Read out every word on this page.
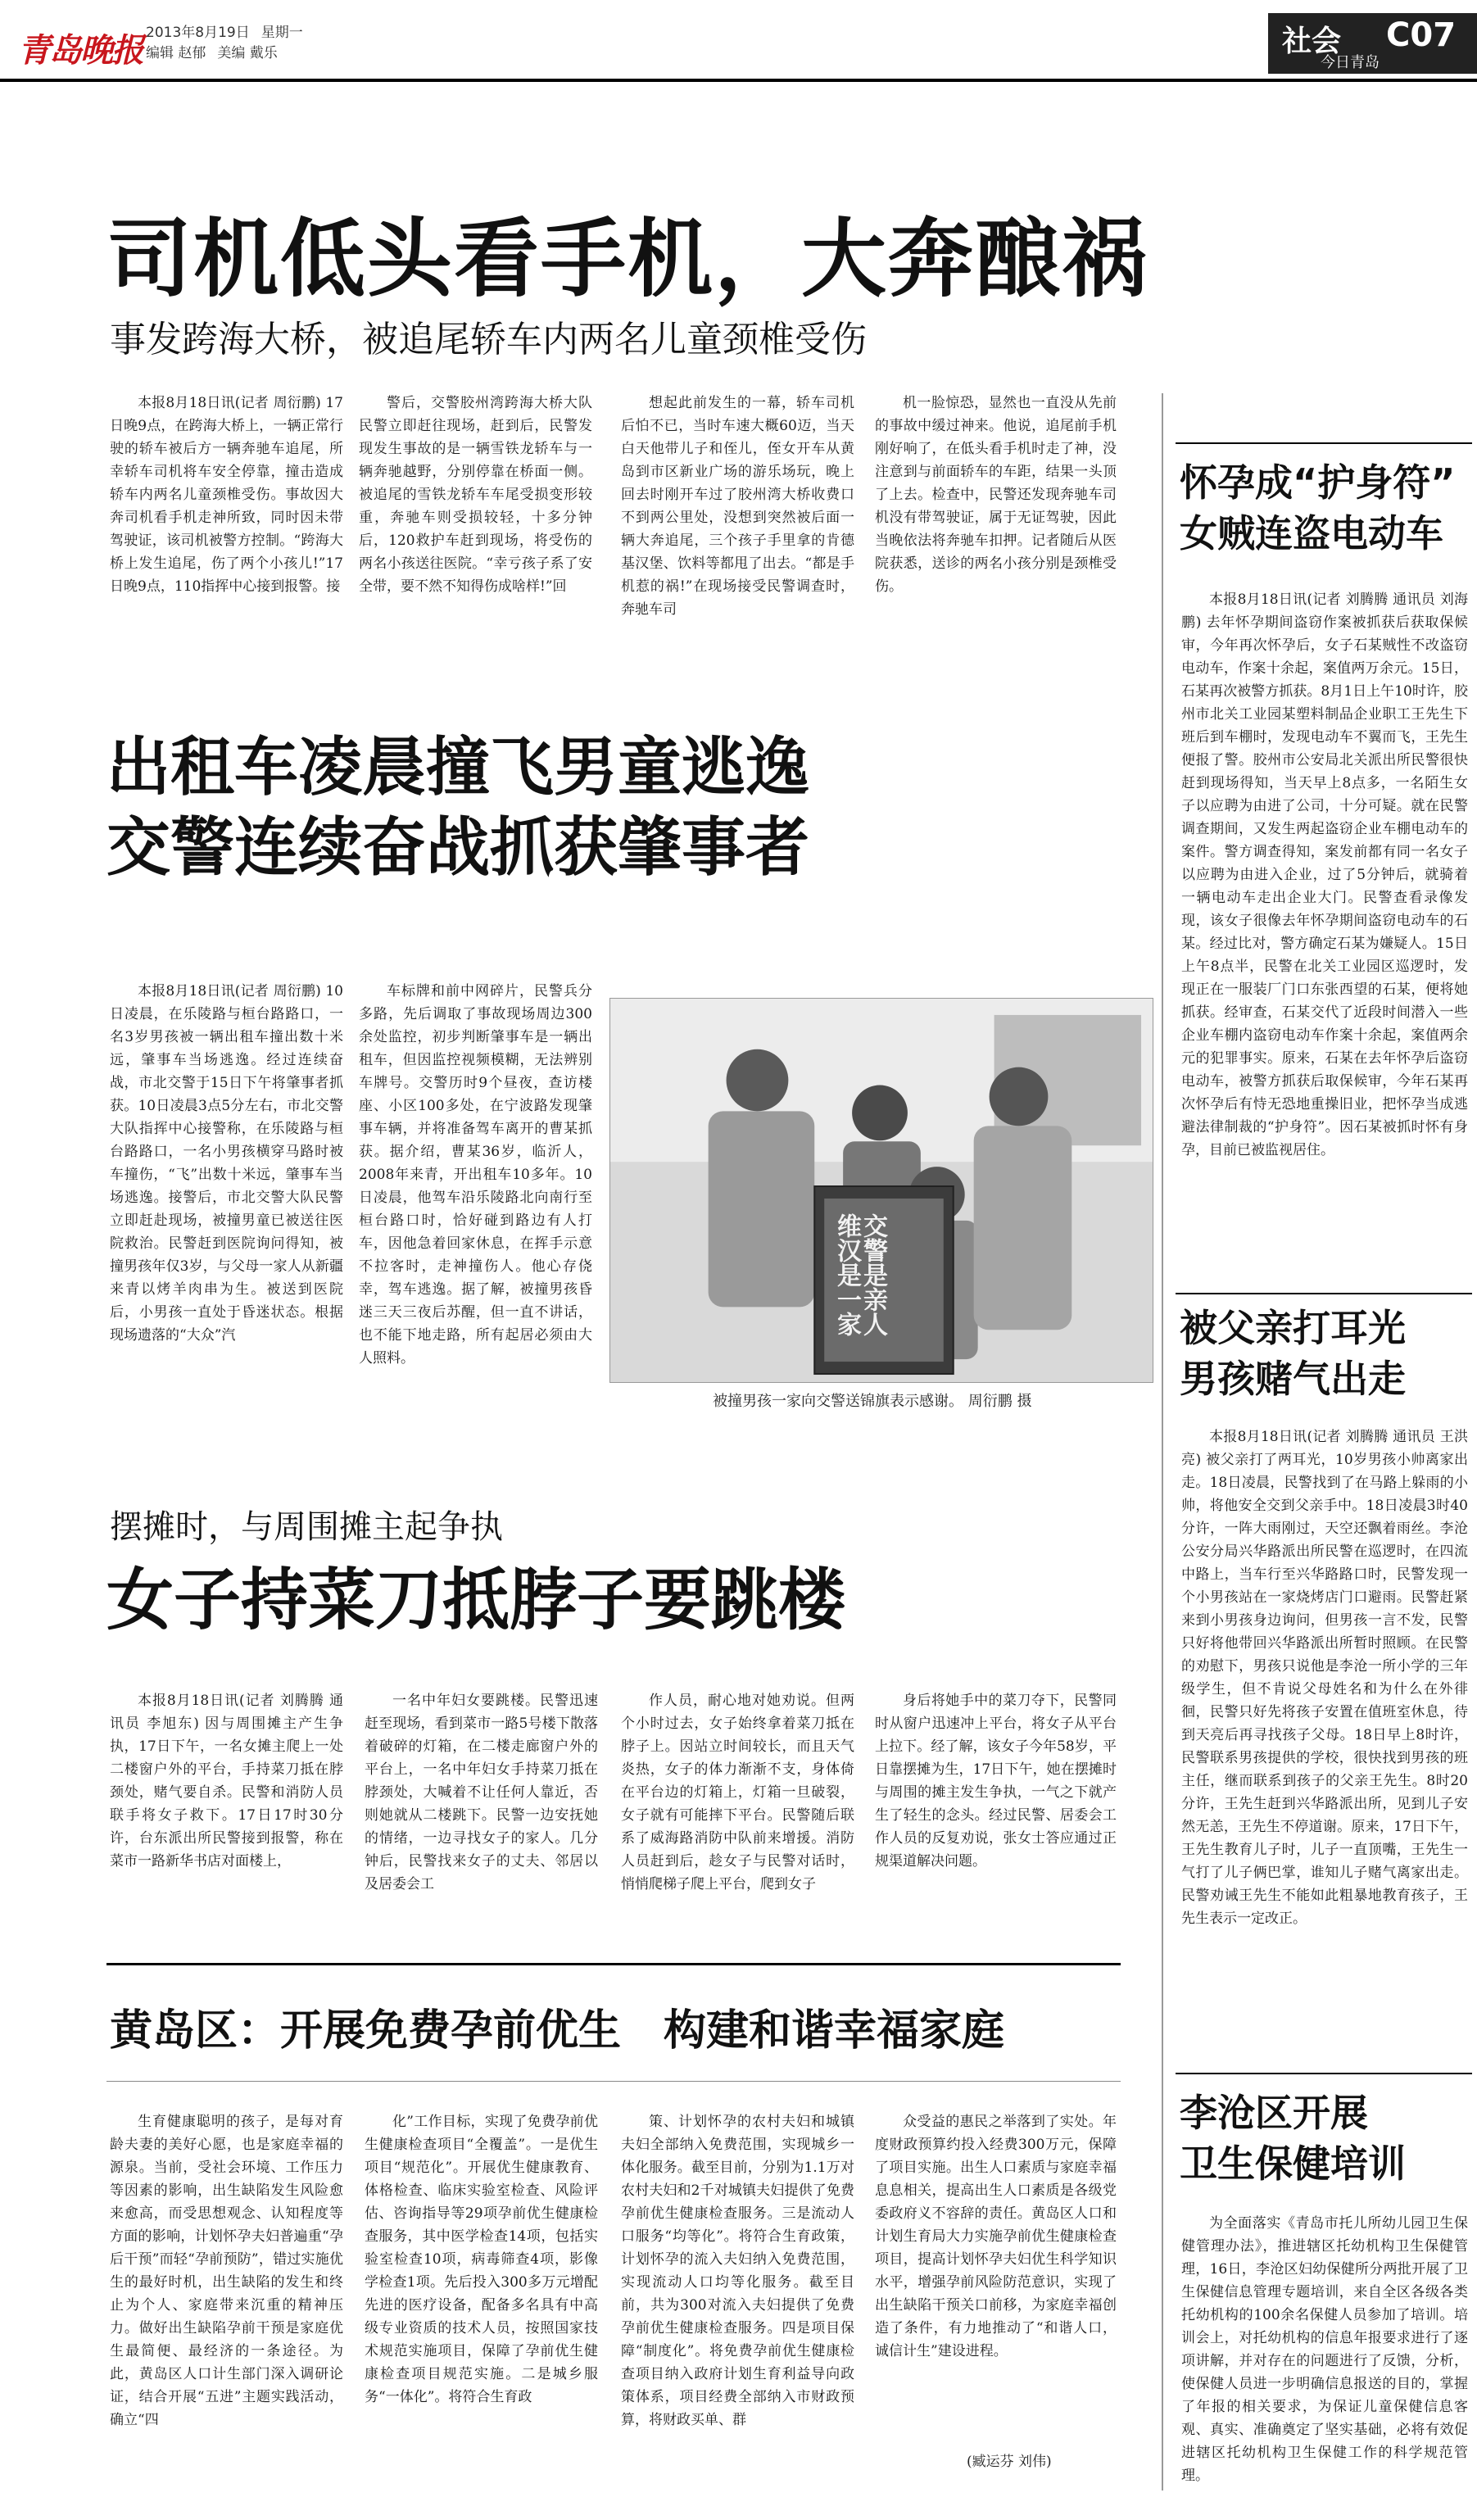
青岛晚报 2013年8月19日 星期一
编辑 赵郁 美编 戴乐	社会 C07
今日青岛
司机低头看手机，大奔酿祸
事发跨海大桥，被追尾轿车内两名儿童颈椎受伤

本报8月18日讯(记者 周衍鹏) 17日晚9点，在跨海大桥上，一辆正常行驶的轿车被后方一辆奔驰车追尾，所幸轿车司机将车安全停靠，撞击造成轿车内两名儿童颈椎受伤。事故因大奔司机看手机走神所致，同时因未带驾驶证，该司机被警方控制。“跨海大桥上发生追尾，伤了两个小孩儿!”17日晚9点，110指挥中心接到报警。接

警后，交警胶州湾跨海大桥大队民警立即赶往现场，赶到后，民警发现发生事故的是一辆雪铁龙轿车与一辆奔驰越野，分别停靠在桥面一侧。被追尾的雪铁龙轿车车尾受损变形较重，奔驰车则受损较轻，十多分钟后，120救护车赶到现场，将受伤的两名小孩送往医院。“幸亏孩子系了安全带，要不然不知得伤成啥样!”回

想起此前发生的一幕，轿车司机后怕不已，当时车速大概60迈，当天白天他带儿子和侄儿，侄女开车从黄岛到市区新业广场的游乐场玩，晚上回去时刚开车过了胶州湾大桥收费口不到两公里处，没想到突然被后面一辆大奔追尾，三个孩子手里拿的肯德基汉堡、饮料等都甩了出去。“都是手机惹的祸!”在现场接受民警调查时，奔驰车司

机一脸惊恐，显然也一直没从先前的事故中缓过神来。他说，追尾前手机刚好响了，在低头看手机时走了神，没注意到与前面轿车的车距，结果一头顶了上去。检查中，民警还发现奔驰车司机没有带驾驶证，属于无证驾驶，因此当晚依法将奔驰车扣押。记者随后从医院获悉，送诊的两名小孩分别是颈椎受伤。

出租车凌晨撞飞男童逃逸
交警连续奋战抓获肇事者

本报8月18日讯(记者 周衍鹏) 10日凌晨，在乐陵路与桓台路路口，一名3岁男孩被一辆出租车撞出数十米远，肇事车当场逃逸。经过连续奋战，市北交警于15日下午将肇事者抓获。10日凌晨3点5分左右，市北交警大队指挥中心接警称，在乐陵路与桓台路路口，一名小男孩横穿马路时被车撞伤，“飞”出数十米远，肇事车当场逃逸。接警后，市北交警大队民警立即赶赴现场，被撞男童已被送往医院救治。民警赶到医院询问得知，被撞男孩年仅3岁，与父母一家人从新疆来青以烤羊肉串为生。被送到医院后，小男孩一直处于昏迷状态。根据现场遗落的“大众”汽

车标牌和前中网碎片，民警兵分多路，先后调取了事故现场周边300余处监控，初步判断肇事车是一辆出租车，但因监控视频模糊，无法辨别车牌号。交警历时9个昼夜，查访楼座、小区100多处，在宁波路发现肇事车辆，并将准备驾车离开的曹某抓获。据介绍，曹某36岁，临沂人，2008年来青，开出租车10多年。10日凌晨，他驾车沿乐陵路北向南行至桓台路口时，恰好碰到路边有人打车，因他急着回家休息，在挥手示意不拉客时，走神撞伤人。他心存侥幸，驾车逃逸。据了解，被撞男孩昏迷三天三夜后苏醒，但一直不讲话，也不能下地走路，所有起居必须由大人照料。

交警是亲人
维汉是一家
被撞男孩一家向交警送锦旗表示感谢。 周衍鹏 摄
摆摊时，与周围摊主起争执
女子持菜刀抵脖子要跳楼

本报8月18日讯(记者 刘腾腾 通讯员 李旭东) 因与周围摊主产生争执，17日下午，一名女摊主爬上一处二楼窗户外的平台，手持菜刀抵在脖颈处，赌气要自杀。民警和消防人员联手将女子救下。17日17时30分许，台东派出所民警接到报警，称在菜市一路新华书店对面楼上，

一名中年妇女要跳楼。民警迅速赶至现场，看到菜市一路5号楼下散落着破碎的灯箱，在二楼走廊窗户外的平台上，一名中年妇女手持菜刀抵在脖颈处，大喊着不让任何人靠近，否则她就从二楼跳下。民警一边安抚她的情绪，一边寻找女子的家人。几分钟后，民警找来女子的丈夫、邻居以及居委会工

作人员，耐心地对她劝说。但两个小时过去，女子始终拿着菜刀抵在脖子上。因站立时间较长，而且天气炎热，女子的体力渐渐不支，身体倚在平台边的灯箱上，灯箱一旦破裂，女子就有可能摔下平台。民警随后联系了威海路消防中队前来增援。消防人员赶到后，趁女子与民警对话时，悄悄爬梯子爬上平台，爬到女子

身后将她手中的菜刀夺下，民警同时从窗户迅速冲上平台，将女子从平台上拉下。经了解，该女子今年58岁，平日靠摆摊为生，17日下午，她在摆摊时与周围的摊主发生争执，一气之下就产生了轻生的念头。经过民警、居委会工作人员的反复劝说，张女士答应通过正规渠道解决问题。

黄岛区：开展免费孕前优生　构建和谐幸福家庭

生育健康聪明的孩子，是每对育龄夫妻的美好心愿，也是家庭幸福的源泉。当前，受社会环境、工作压力等因素的影响，出生缺陷发生风险愈来愈高，而受思想观念、认知程度等方面的影响，计划怀孕夫妇普遍重“孕后干预”而轻“孕前预防”，错过实施优生的最好时机，出生缺陷的发生和终止为个人、家庭带来沉重的精神压力。做好出生缺陷孕前干预是家庭优生最简便、最经济的一条途径。为此，黄岛区人口计生部门深入调研论证，结合开展“五进”主题实践活动，确立“四

化”工作目标，实现了免费孕前优生健康检查项目“全覆盖”。一是优生项目“规范化”。开展优生健康教育、体格检查、临床实验室检查、风险评估、咨询指导等29项孕前优生健康检查服务，其中医学检查14项，包括实验室检查10项，病毒筛查4项，影像学检查1项。先后投入300多万元增配先进的医疗设备，配备多名具有中高级专业资质的技术人员，按照国家技术规范实施项目，保障了孕前优生健康检查项目规范实施。二是城乡服务“一体化”。将符合生育政

策、计划怀孕的农村夫妇和城镇夫妇全部纳入免费范围，实现城乡一体化服务。截至目前，分别为1.1万对农村夫妇和2千对城镇夫妇提供了免费孕前优生健康检查服务。三是流动人口服务“均等化”。将符合生育政策，计划怀孕的流入夫妇纳入免费范围，实现流动人口均等化服务。截至目前，共为300对流入夫妇提供了免费孕前优生健康检查服务。四是项目保障“制度化”。将免费孕前优生健康检查项目纳入政府计划生育利益导向政策体系，项目经费全部纳入市财政预算，将财政买单、群

众受益的惠民之举落到了实处。年度财政预算约投入经费300万元，保障了项目实施。出生人口素质与家庭幸福息息相关，提高出生人口素质是各级党委政府义不容辞的责任。黄岛区人口和计划生育局大力实施孕前优生健康检查项目，提高计划怀孕夫妇优生科学知识水平，增强孕前风险防范意识，实现了出生缺陷干预关口前移，为家庭幸福创造了条件，有力地推动了“和谐人口，诚信计生”建设进程。

(臧运芬 刘伟)
怀孕成“护身符”
女贼连盗电动车

本报8月18日讯(记者 刘腾腾 通讯员 刘海鹏) 去年怀孕期间盗窃作案被抓获后获取保候审，今年再次怀孕后，女子石某贼性不改盗窃电动车，作案十余起，案值两万余元。15日，石某再次被警方抓获。8月1日上午10时许，胶州市北关工业园某塑料制品企业职工王先生下班后到车棚时，发现电动车不翼而飞，王先生便报了警。胶州市公安局北关派出所民警很快赶到现场得知，当天早上8点多，一名陌生女子以应聘为由进了公司，十分可疑。就在民警调查期间，又发生两起盗窃企业车棚电动车的案件。警方调查得知，案发前都有同一名女子以应聘为由进入企业，过了5分钟后，就骑着一辆电动车走出企业大门。民警查看录像发现，该女子很像去年怀孕期间盗窃电动车的石某。经过比对，警方确定石某为嫌疑人。15日上午8点半，民警在北关工业园区巡逻时，发现正在一服装厂门口东张西望的石某，便将她抓获。经审查，石某交代了近段时间潜入一些企业车棚内盗窃电动车作案十余起，案值两余元的犯罪事实。原来，石某在去年怀孕后盗窃电动车，被警方抓获后取保候审，今年石某再次怀孕后有恃无恐地重操旧业，把怀孕当成逃避法律制裁的“护身符”。因石某被抓时怀有身孕，目前已被监视居住。

被父亲打耳光
男孩赌气出走

本报8月18日讯(记者 刘腾腾 通讯员 王洪亮) 被父亲打了两耳光，10岁男孩小帅离家出走。18日凌晨，民警找到了在马路上躲雨的小帅，将他安全交到父亲手中。18日凌晨3时40分许，一阵大雨刚过，天空还飘着雨丝。李沧公安分局兴华路派出所民警在巡逻时，在四流中路上，当车行至兴华路路口时，民警发现一个小男孩站在一家烧烤店门口避雨。民警赶紧来到小男孩身边询问，但男孩一言不发，民警只好将他带回兴华路派出所暂时照顾。在民警的劝慰下，男孩只说他是李沧一所小学的三年级学生，但不肯说父母姓名和为什么在外徘徊，民警只好先将孩子安置在值班室休息，待到天亮后再寻找孩子父母。18日早上8时许，民警联系男孩提供的学校，很快找到男孩的班主任，继而联系到孩子的父亲王先生。8时20分许，王先生赶到兴华路派出所，见到儿子安然无恙，王先生不停道谢。原来，17日下午，王先生教育儿子时，儿子一直顶嘴，王先生一气打了儿子俩巴掌，谁知儿子赌气离家出走。民警劝诫王先生不能如此粗暴地教育孩子，王先生表示一定改正。

李沧区开展
卫生保健培训

为全面落实《青岛市托儿所幼儿园卫生保健管理办法》，推进辖区托幼机构卫生保健管理，16日，李沧区妇幼保健所分两批开展了卫生保健信息管理专题培训，来自全区各级各类托幼机构的100余名保健人员参加了培训。培训会上，对托幼机构的信息年报要求进行了逐项讲解，并对存在的问题进行了反馈，分析，使保健人员进一步明确信息报送的目的，掌握了年报的相关要求，为保证儿童保健信息客观、真实、准确奠定了坚实基础，必将有效促进辖区托幼机构卫生保健工作的科学规范管理。
